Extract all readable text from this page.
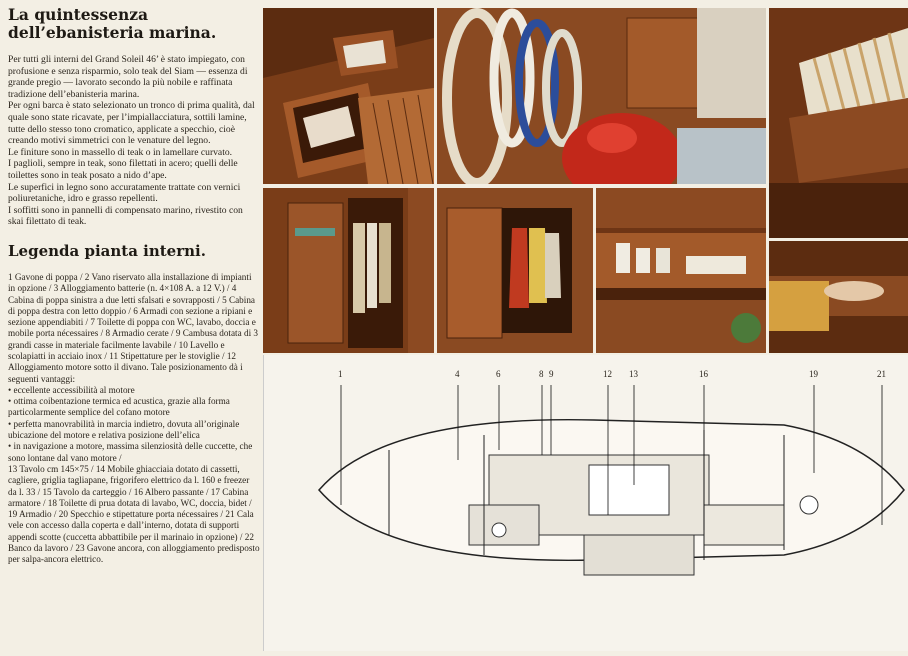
La quintessenza
dell’ebanisteria marina.

Per tutti gli interni del Grand Soleil 46’ è stato impiegato, con profusione e senza risparmio, solo teak del Siam — essenza di grande pregio — lavorato secondo la più nobile e raffinata tradizione dell’ebanisteria marina.

Per ogni barca è stato selezionato un tronco di prima qualità, dal quale sono state ricavate, per l’impiallacciatura, sottili lamine, tutte dello stesso tono cromatico, applicate a specchio, cioè creando motivi simmetrici con le venature del legno.

Le finiture sono in massello di teak o in lamellare curvato.

I paglioli, sempre in teak, sono filettati in acero; quelli delle toilettes sono in teak posato a nido d’ape.

Le superfici in legno sono accuratamente trattate con vernici poliuretaniche, idro e grasso repellenti.

I soffitti sono in pannelli di compensato marino, rivestito con skai filettato di teak.

Legenda pianta interni.

1 Gavone di poppa / 2 Vano riservato alla installazione di impianti in opzione / 3 Alloggiamento batterie (n. 4×108 A. a 12 V.) / 4 Cabina di poppa sinistra a due letti sfalsati e sovrapposti / 5 Cabina di poppa destra con letto doppio / 6 Armadi con sezione a ripiani e sezione appendiabiti / 7 Toilette di poppa con WC, lavabo, doccia e mobile porta nécessaires / 8 Armadio cerate / 9 Cambusa dotata di 3 grandi casse in materiale facilmente lavabile / 10 Lavello e scolapiatti in acciaio inox / 11 Stipettature per le stoviglie / 12 Alloggiamento motore sotto il divano. Tale posizionamento dà i seguenti vantaggi:

• eccellente accessibilità al motore
• ottima coibentazione termica ed acustica, grazie alla forma particolarmente semplice del cofano motore
• perfetta manovrabilità in marcia indietro, dovuta all’originale ubicazione del motore e relativa posizione dell’elica
• in navigazione a motore, massima silenziosità delle cuccette, che sono lontane dal vano motore /

13 Tavolo cm 145×75 / 14 Mobile ghiacciaia dotato di cassetti, cagliere, griglia tagliapane, frigorifero elettrico da l. 160 e freezer da l. 33 / 15 Tavolo da carteggio / 16 Albero passante / 17 Cabina armatore / 18 Toilette di prua dotata di lavabo, WC, doccia, bidet / 19 Armadio / 20 Specchio e stipettature porta nécessaires / 21 Cala vele con accesso dalla coperta e dall’interno, dotata di supporti appendi scotte (cuccetta abbattibile per il marinaio in opzione) / 22 Banco da lavoro / 23 Gavone ancora, con alloggiamento predisposto per salpa-ancora elettrico.

1	4	6	8 9	12 13	16	19	21
